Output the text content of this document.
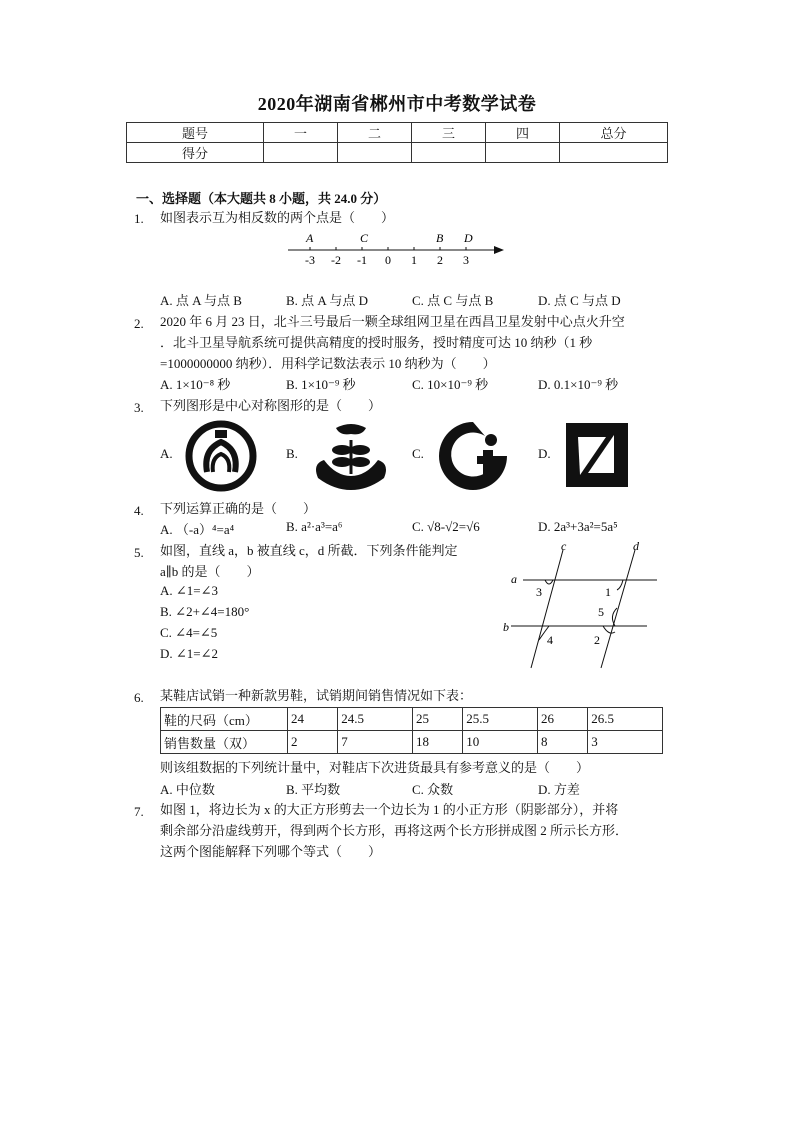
2020年湖南省郴州市中考数学试卷
题号	一	二	三	四	总分
得分					
一、选择题（本大题共 8 小题，共 24.0 分）
1.	如图表示互为相反数的两个点是（　　）
A	C	B D
-3 -2 -1 0 1 2 3
A. 点 A 与点 B	B. 点 A 与点 D	C. 点 C 与点 B	D. 点 C 与点 D
2.	2020 年 6 月 23 日，北斗三号最后一颗全球组网卫星在西昌卫星发射中心点火升空
．北斗卫星导航系统可提供高精度的授时服务，授时精度可达 10 纳秒（1 秒
=1000000000 纳秒）．用科学记数法表示 10 纳秒为（　　）
A. 1×10⁻⁸ 秒	B. 1×10⁻⁹ 秒	C. 10×10⁻⁹ 秒	D. 0.1×10⁻⁹ 秒
3.	下列图形是中心对称图形的是（　　）
A.	B.	C.	D.
4.	下列运算正确的是（　　）
A. （-a）⁴=a⁴	B. a²·a³=a⁶	C. √8-√2=√6	D. 2a³+3a²=5a⁵
5.	如图，直线 a，b 被直线 c，d 所截．下列条件能判定
a∥b 的是（　　）
A. ∠1=∠3
B. ∠2+∠4=180°
C. ∠4=∠5
D. ∠1=∠2
c	d
a
b
3	1
5
4	2
6.	某鞋店试销一种新款男鞋，试销期间销售情况如下表：
鞋的尺码（cm）	24	24.5	25	25.5	26	26.5
销售数量（双）	2	7	18	10	8	3
则该组数据的下列统计量中，对鞋店下次进货最具有参考意义的是（　　）
A. 中位数	B. 平均数	C. 众数	D. 方差
7.	如图 1，将边长为 x 的大正方形剪去一个边长为 1 的小正方形（阴影部分），并将
剩余部分沿虚线剪开，得到两个长方形，再将这两个长方形拼成图 2 所示长方形．
这两个图能解释下列哪个等式（　　）
